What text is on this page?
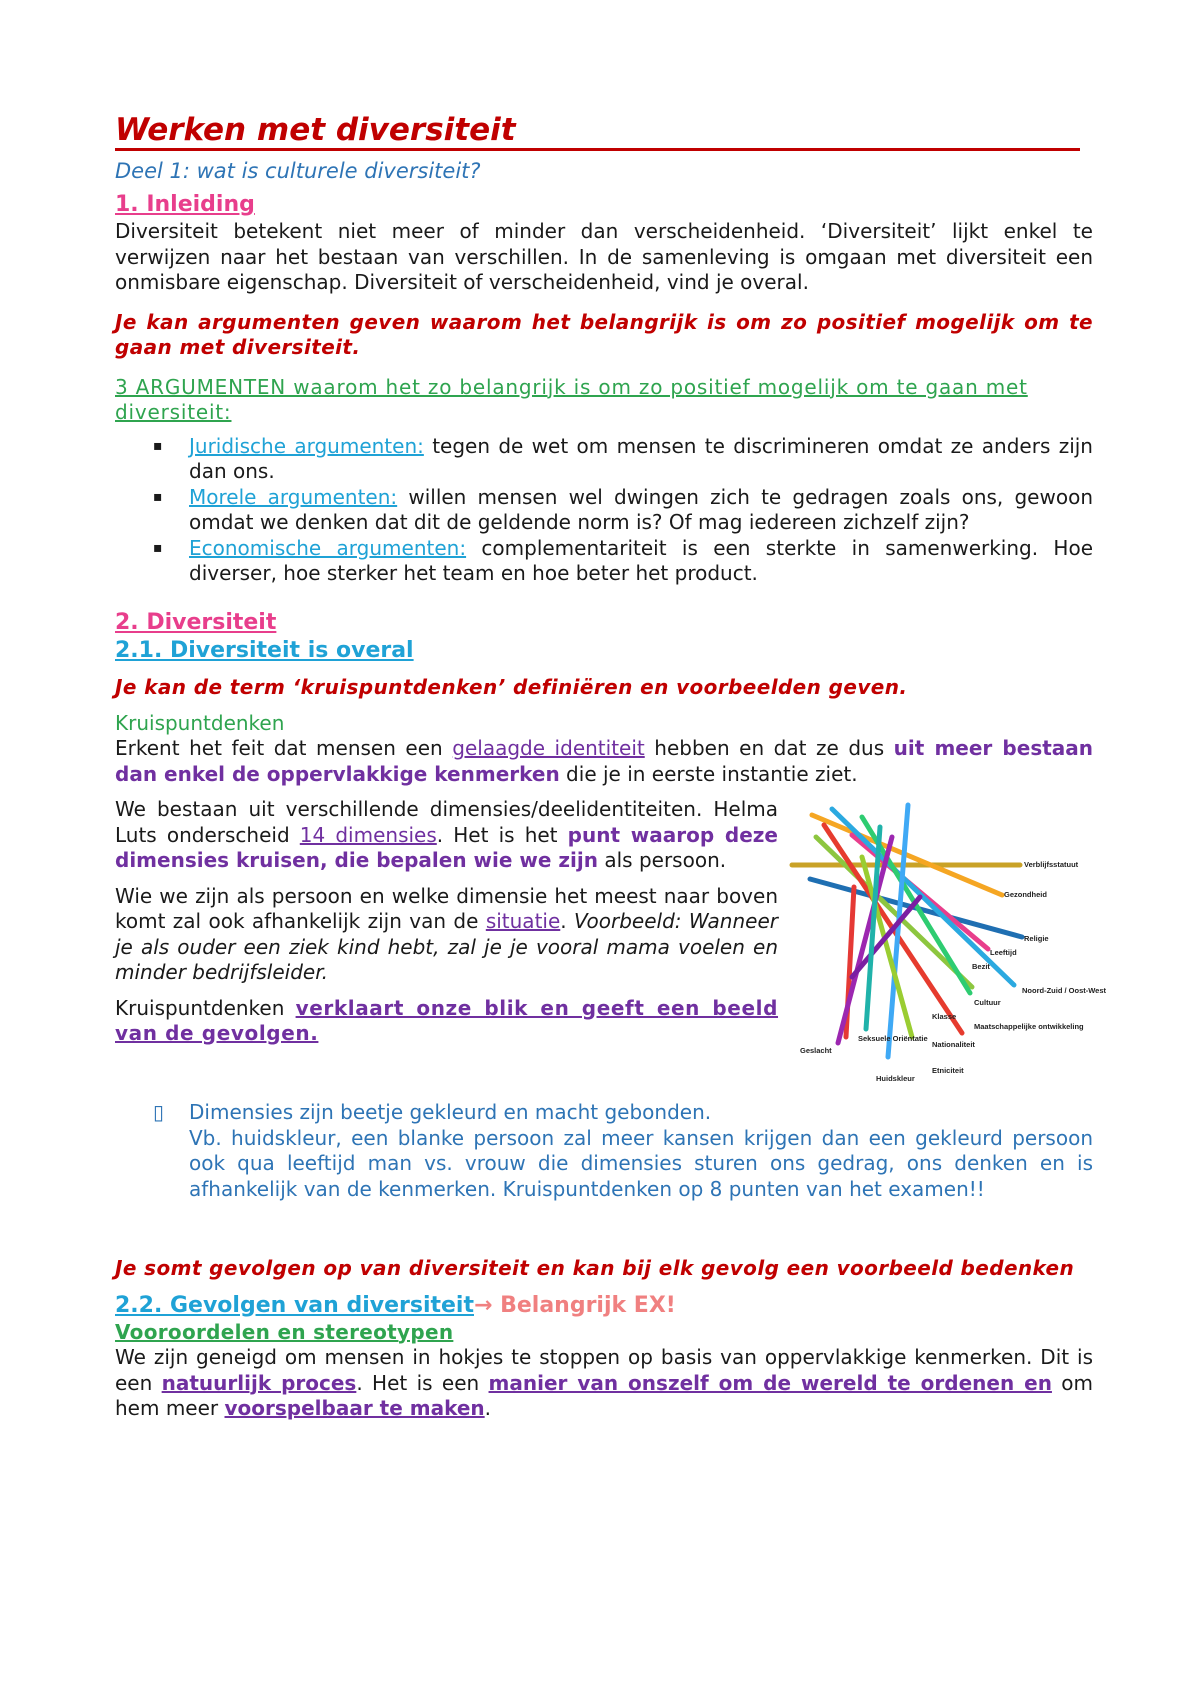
Werken met diversiteit

Deel 1: wat is culturele diversiteit?

1. Inleiding

Diversiteit betekent niet meer of minder dan verscheidenheid. ‘Diversiteit’ lijkt enkel te verwijzen naar het bestaan van verschillen. In de samenleving is omgaan met diversiteit een onmisbare eigenschap. Diversiteit of verscheidenheid, vind je overal.

Je kan argumenten geven waarom het belangrijk is om zo positief mogelijk om te gaan met diversiteit.

3 ARGUMENTEN waarom het zo belangrijk is om zo positief mogelijk om te gaan met diversiteit:

▪ Juridische argumenten: tegen de wet om mensen te discrimineren omdat ze anders zijn dan ons.
▪ Morele argumenten: willen mensen wel dwingen zich te gedragen zoals ons, gewoon omdat we denken dat dit de geldende norm is? Of mag iedereen zichzelf zijn?
▪ Economische argumenten: complementariteit is een sterkte in samenwerking. Hoe diverser, hoe sterker het team en hoe beter het product.

2. Diversiteit

2.1. Diversiteit is overal

Je kan de term ‘kruispuntdenken’ definiëren en voorbeelden geven.

Kruispuntdenken

Erkent het feit dat mensen een gelaagde identiteit hebben en dat ze dus uit meer bestaan dan enkel de oppervlakkige kenmerken die je in eerste instantie ziet.

We bestaan uit verschillende dimensies/deelidentiteiten. Helma Luts onderscheid 14 dimensies. Het is het punt waarop deze dimensies kruisen, die bepalen wie we zijn als persoon.

Wie we zijn als persoon en welke dimensie het meest naar boven komt zal ook afhankelijk zijn van de situatie. Voorbeeld: Wanneer je als ouder een ziek kind hebt, zal je je vooral mama voelen en minder bedrijfsleider.

Kruispuntdenken verklaart onze blik en geeft een beeld van de gevolgen.

Verblijfsstatuut
Gezondheid
Religie
Leeftijd
Bezit
Noord-Zuid / Oost-West
Cultuur
Klasse
Maatschappelijke ontwikkeling
Seksuele Oriëntatie
Nationaliteit
Geslacht
Etniciteit
Huidskleur
▯	Dimensies zijn beetje gekleurd en macht gebonden.

Vb. huidskleur, een blanke persoon zal meer kansen krijgen dan een gekleurd persoon ook qua leeftijd man vs. vrouw die dimensies sturen ons gedrag, ons denken en is afhankelijk van de kenmerken. Kruispuntdenken op 8 punten van het examen!!

Je somt gevolgen op van diversiteit en kan bij elk gevolg een voorbeeld bedenken

2.2. Gevolgen van diversiteit→ Belangrijk EX!

Vooroordelen en stereotypen

We zijn geneigd om mensen in hokjes te stoppen op basis van oppervlakkige kenmerken. Dit is een natuurlijk proces. Het is een manier van onszelf om de wereld te ordenen en om hem meer voorspelbaar te maken.
